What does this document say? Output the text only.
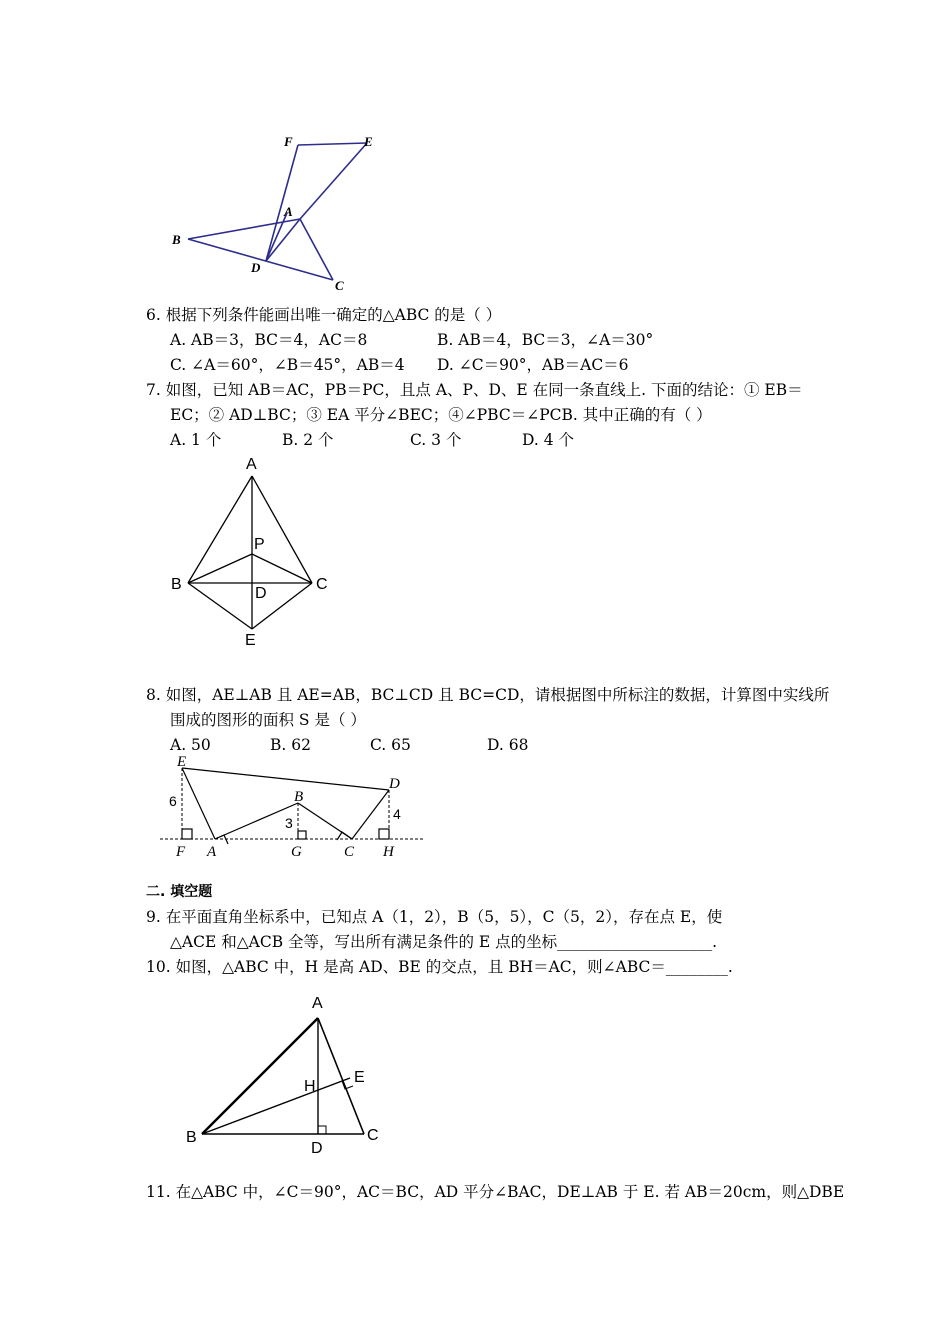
F	E
A
B
D
C
6. 根据下列条件能画出唯一确定的△ABC 的是（ ）
A. AB＝3，BC＝4，AC＝8	B. AB＝4，BC＝3，∠A＝30°
C. ∠A＝60°，∠B＝45°，AB＝4 D. ∠C＝90°，AB＝AC＝6
7. 如图，已知 AB＝AC，PB＝PC，且点 A、P、D、E 在同一条直线上. 下面的结论：① EB＝
EC；② AD⊥BC；③ EA 平分∠BEC；④∠PBC＝∠PCB. 其中正确的有（ ）
A. 1 个	B. 2 个	C. 3 个	D. 4 个
A
P
B
D
C
E
8. 如图，AE⊥AB 且 AE=AB，BC⊥CD 且 BC=CD，请根据图中所标注的数据，计算图中实线所
围成的图形的面积 S 是（ ）
A. 50	B. 62	C. 65	D. 68
E
D
B
F A	G	C H
6
3
4
二. 填空题
9. 在平面直角坐标系中，已知点 A（1，2），B（5，5），C（5，2），存在点 E，使
△ACE 和△ACB 全等，写出所有满足条件的 E 点的坐标____________________.
10. 如图，△ABC 中，H 是高 AD、BE 的交点，且 BH＝AC，则∠ABC＝________.
A
E
H
B
D
C
11. 在△ABC 中，∠C＝90°，AC＝BC，AD 平分∠BAC，DE⊥AB 于 E. 若 AB＝20cm，则△DBE
